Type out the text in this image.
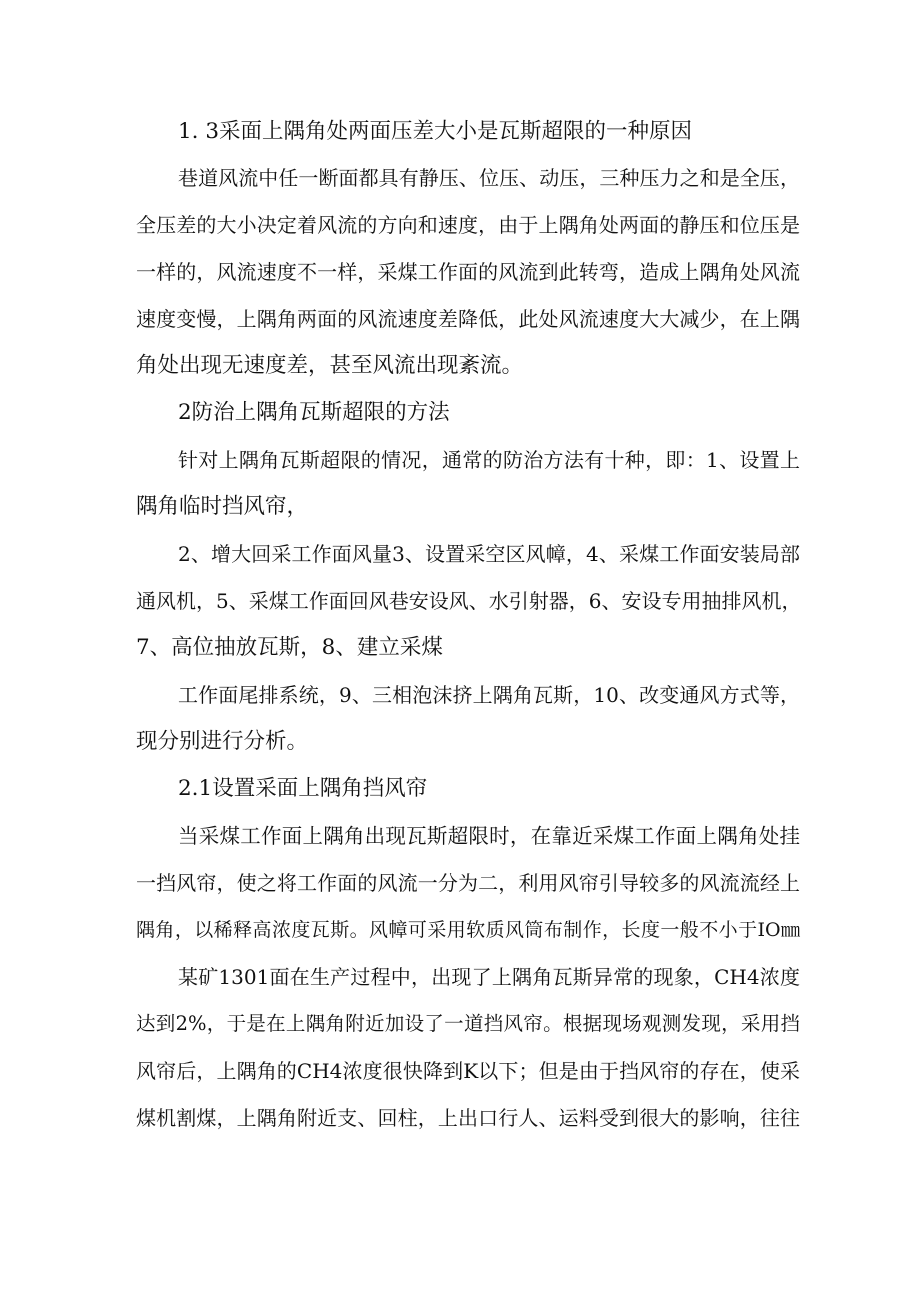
1. 3采面上隅角处两面压差大小是瓦斯超限的一种原因
巷道风流中任一断面都具有静压、位压、动压，三种压力之和是全压，
全压差的大小决定着风流的方向和速度，由于上隅角处两面的静压和位压是
一样的，风流速度不一样，采煤工作面的风流到此转弯，造成上隅角处风流
速度变慢，上隅角两面的风流速度差降低，此处风流速度大大减少，在上隅
角处出现无速度差，甚至风流出现紊流。
2防治上隅角瓦斯超限的方法
针对上隅角瓦斯超限的情况，通常的防治方法有十种，即：1、设置上
隅角临时挡风帘，
2、增大回采工作面风量3、设置采空区风幛，4、采煤工作面安装局部
通风机，5、采煤工作面回风巷安设风、水引射器，6、安设专用抽排风机，
7、高位抽放瓦斯，8、建立采煤
工作面尾排系统，9、三相泡沫挤上隅角瓦斯，10、改变通风方式等，
现分别进行分析。
2.1设置采面上隅角挡风帘
当采煤工作面上隅角出现瓦斯超限时，在靠近采煤工作面上隅角处挂
一挡风帘，使之将工作面的风流一分为二，利用风帘引导较多的风流流经上
隅角，以稀释高浓度瓦斯。风幛可采用软质风筒布制作，长度一般不小于IO㎜
某矿1301面在生产过程中，出现了上隅角瓦斯异常的现象，CH4浓度
达到2%，于是在上隅角附近加设了一道挡风帘。根据现场观测发现，采用挡
风帘后，上隅角的CH4浓度很快降到K以下；但是由于挡风帘的存在，使采
煤机割煤，上隅角附近支、回柱，上出口行人、运料受到很大的影响，往往
